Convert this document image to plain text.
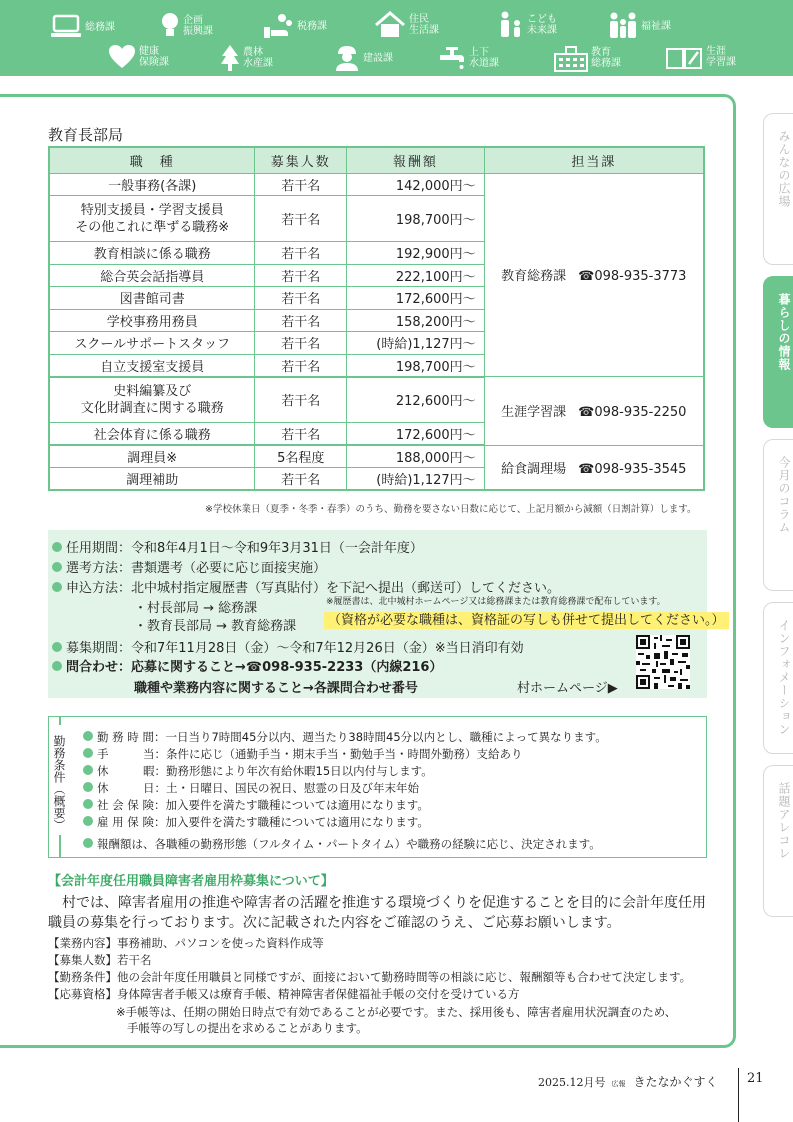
総務課
企画
振興課	税務課
住民
生活課
こども
未来課	福祉課
健康
保険課
農林
水産課	建設課	上下
水道課
教育
総務課
生涯
学習課
みんなの広場
暮らしの情報
今月のコラム
インフォメーション
話題アレコレ
教育長部局
職　種	募集人数	報酬額	担当課
一般事務(各課)	若干名	142,000円〜	教育総務課 ☎098-935-3773
特別支援員・学習支援員
その他これに準ずる職務※	若干名	198,700円〜	
教育相談に係る職務	若干名	192,900円〜	
総合英会話指導員	若干名	222,100円〜	
図書館司書	若干名	172,600円〜	
学校事務用務員	若干名	158,200円〜	
スクールサポートスタッフ	若干名	(時給)1,127円〜	
自立支援室支援員	若干名	198,700円〜	
史料編纂及び
文化財調査に関する職務	若干名	212,600円〜	生涯学習課 ☎098-935-2250
社会体育に係る職務	若干名	172,600円〜	
調理員※	5名程度	188,000円〜	給食調理場 ☎098-935-3545
調理補助	若干名	(時給)1,127円〜	
※学校休業日（夏季・冬季・春季）のうち、勤務を要さない日数に応じて、上記月額から減額（日割計算）します。
任用期間：令和8年4月1日〜令和9年3月31日（一会計年度）
選考方法：書類選考（必要に応じ面接実施）
申込方法：北中城村指定履歴書（写真貼付）を下記へ提出（郵送可）してください。
・村長部局 → 総務課	※履歴書は、北中城村ホームページ又は総務課または教育総務課で配布しています。
・教育長部局 → 教育総務課	（資格が必要な職種は、資格証の写しも併せて提出してください。）
募集期間：令和7年11月28日（金）〜令和7年12月26日（金）※当日消印有効
問合わせ：応募に関すること→☎098-935-2233（内線216）
職種や業務内容に関すること→各課問合わせ番号	村ホームページ▶
勤務条件（概要）	勤 務 時 間：一日当り7時間45分以内、週当たり38時間45分以内とし、職種によって異なります。
手　　　当：条件に応じ（通勤手当・期末手当・勤勉手当・時間外勤務）支給あり
休　　　暇：勤務形態により年次有給休暇15日以内付与します。
休　　　日：土・日曜日、国民の祝日、慰霊の日及び年末年始
社 会 保 険：加入要件を満たす職種については適用になります。
雇 用 保 険：加入要件を満たす職種については適用になります。
報酬額は、各職種の勤務形態（フルタイム・パートタイム）や職務の経験に応じ、決定されます。
【会計年度任用職員障害者雇用枠募集について】
　村では、障害者雇用の推進や障害者の活躍を推進する環境づくりを促進することを目的に会計年度任用職員の募集を行っております。次に記載された内容をご確認のうえ、ご応募お願いします。
【業務内容】事務補助、パソコンを使った資料作成等
【募集人数】若干名
【勤務条件】他の会計年度任用職員と同様ですが、面接において勤務時間等の相談に応じ、報酬額等も合わせて決定します。
【応募資格】身体障害者手帳又は療育手帳、精神障害者保健福祉手帳の交付を受けている方
※手帳等は、任期の開始日時点で有効であることが必要です。また、採用後も、障害者雇用状況調査のため、
手帳等の写しの提出を求めることがあります。
2025.12月号 広報 きたなかぐすく 21
